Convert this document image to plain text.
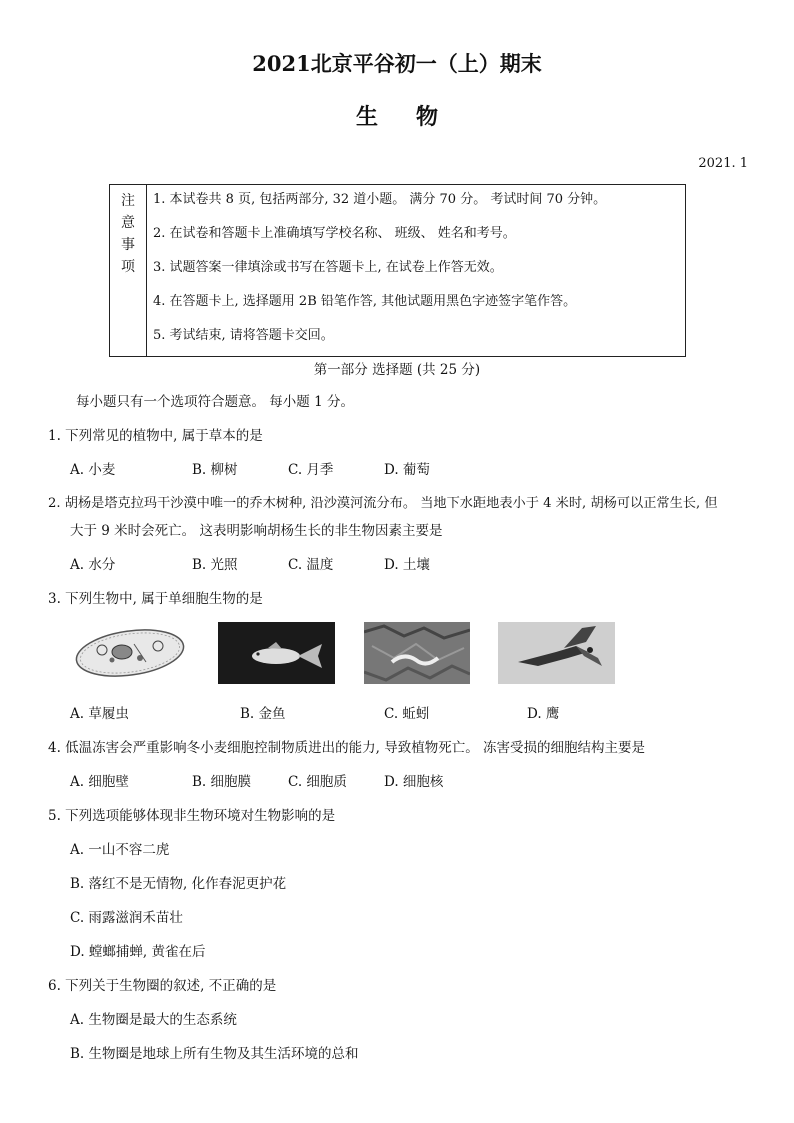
2021北京平谷初一（上）期末
生物
2021. 1
注
意
事
项
1. 本试卷共 8 页, 包括两部分, 32 道小题。 满分 70 分。 考试时间 70 分钟。
2. 在试卷和答题卡上准确填写学校名称、 班级、 姓名和考号。
3. 试题答案一律填涂或书写在答题卡上, 在试卷上作答无效。
4. 在答题卡上, 选择题用 2B 铅笔作答, 其他试题用黑色字迹签字笔作答。
5. 考试结束, 请将答题卡交回。
第一部分 选择题 (共 25 分)
每小题只有一个选项符合题意。 每小题 1 分。
1. 下列常见的植物中, 属于草本的是
A. 小麦	B. 柳树	C. 月季	D. 葡萄
2. 胡杨是塔克拉玛干沙漠中唯一的乔木树种, 沿沙漠河流分布。 当地下水距地表小于 4 米时, 胡杨可以正常生长, 但
大于 9 米时会死亡。 这表明影响胡杨生长的非生物因素主要是
A. 水分	B. 光照	C. 温度	D. 土壤
3. 下列生物中, 属于单细胞生物的是
A. 草履虫	B. 金鱼	C. 蚯蚓	D. 鹰
4. 低温冻害会严重影响冬小麦细胞控制物质进出的能力, 导致植物死亡。 冻害受损的细胞结构主要是
A. 细胞壁	B. 细胞膜	C. 细胞质	D. 细胞核
5. 下列选项能够体现非生物环境对生物影响的是
A. 一山不容二虎
B. 落红不是无情物, 化作春泥更护花
C. 雨露滋润禾苗壮
D. 螳螂捕蝉, 黄雀在后
6. 下列关于生物圈的叙述, 不正确的是
A. 生物圈是最大的生态系统
B. 生物圈是地球上所有生物及其生活环境的总和
